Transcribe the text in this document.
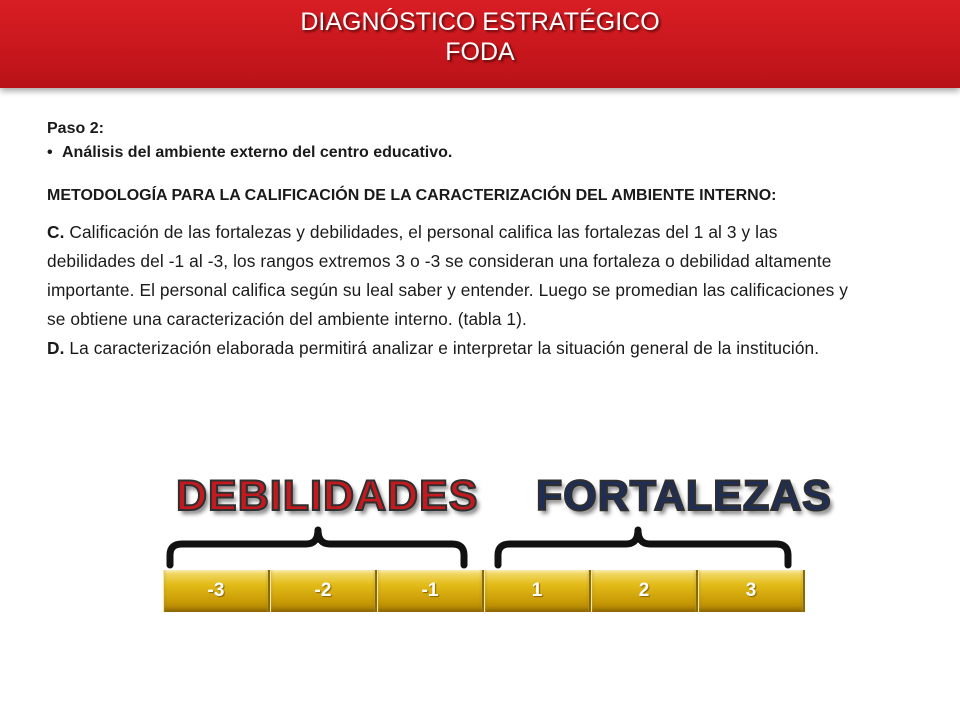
DIAGNÓSTICO ESTRATÉGICO
FODA
Paso 2:
• Análisis del ambiente externo del centro educativo.
METODOLOGÍA PARA LA CALIFICACIÓN DE LA CARACTERIZACIÓN DEL AMBIENTE INTERNO:

C. Calificación de las fortalezas y debilidades, el personal califica las fortalezas del 1 al 3 y las debilidades del -1 al -3, los rangos extremos 3 o -3 se consideran una fortaleza o debilidad altamente importante. El personal califica según su leal saber y entender. Luego se promedian las calificaciones y se obtiene una caracterización del ambiente interno. (tabla 1).

D. La caracterización elaborada permitirá analizar e interpretar la situación general de la institución.

DEBILIDADES FORTALEZAS
-3	-2	-1	1	2	3
